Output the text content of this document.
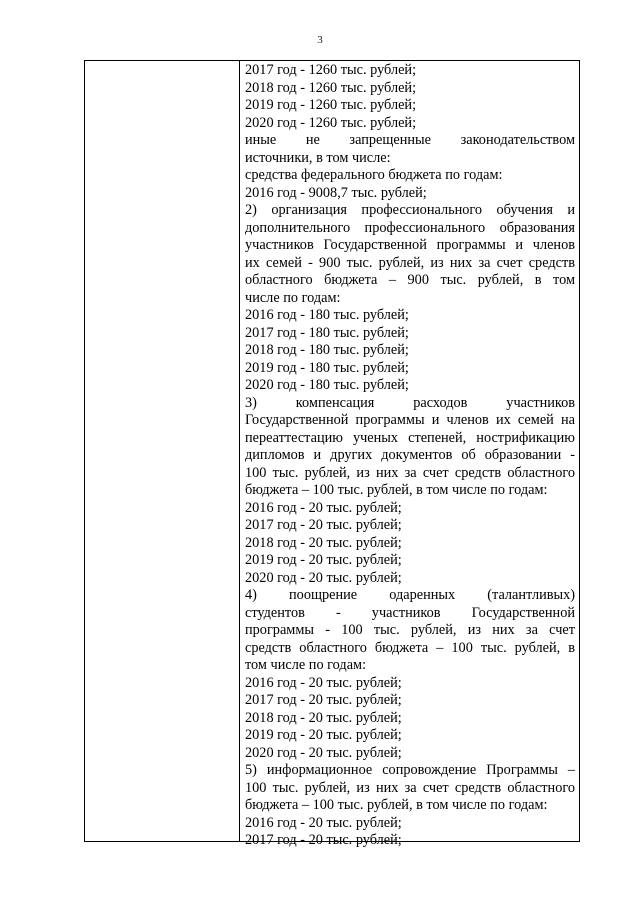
3
2017 год - 1260 тыс. рублей;
2018 год - 1260 тыс. рублей;
2019 год - 1260 тыс. рублей;
2020 год - 1260 тыс. рублей;
иные не запрещенные законодательством
источники, в том числе:
средства федерального бюджета по годам:
2016 год - 9008,7 тыс. рублей;
2) организация профессионального обучения и
дополнительного профессионального образования
участников Государственной программы и членов
их семей - 900 тыс. рублей, из них за счет средств
областного бюджета – 900 тыс. рублей, в том
числе по годам:
2016 год - 180 тыс. рублей;
2017 год - 180 тыс. рублей;
2018 год - 180 тыс. рублей;
2019 год - 180 тыс. рублей;
2020 год - 180 тыс. рублей;
3) компенсация расходов участников
Государственной программы и членов их семей на
переаттестацию ученых степеней, нострификацию
дипломов и других документов об образовании -
100 тыс. рублей, из них за счет средств областного
бюджета – 100 тыс. рублей, в том числе по годам:
2016 год - 20 тыс. рублей;
2017 год - 20 тыс. рублей;
2018 год - 20 тыс. рублей;
2019 год - 20 тыс. рублей;
2020 год - 20 тыс. рублей;
4) поощрение одаренных (талантливых)
студентов - участников Государственной
программы - 100 тыс. рублей, из них за счет
средств областного бюджета – 100 тыс. рублей, в
том числе по годам:
2016 год - 20 тыс. рублей;
2017 год - 20 тыс. рублей;
2018 год - 20 тыс. рублей;
2019 год - 20 тыс. рублей;
2020 год - 20 тыс. рублей;
5) информационное сопровождение Программы –
100 тыс. рублей, из них за счет средств областного
бюджета – 100 тыс. рублей, в том числе по годам:
2016 год - 20 тыс. рублей;
2017 год - 20 тыс. рублей;
